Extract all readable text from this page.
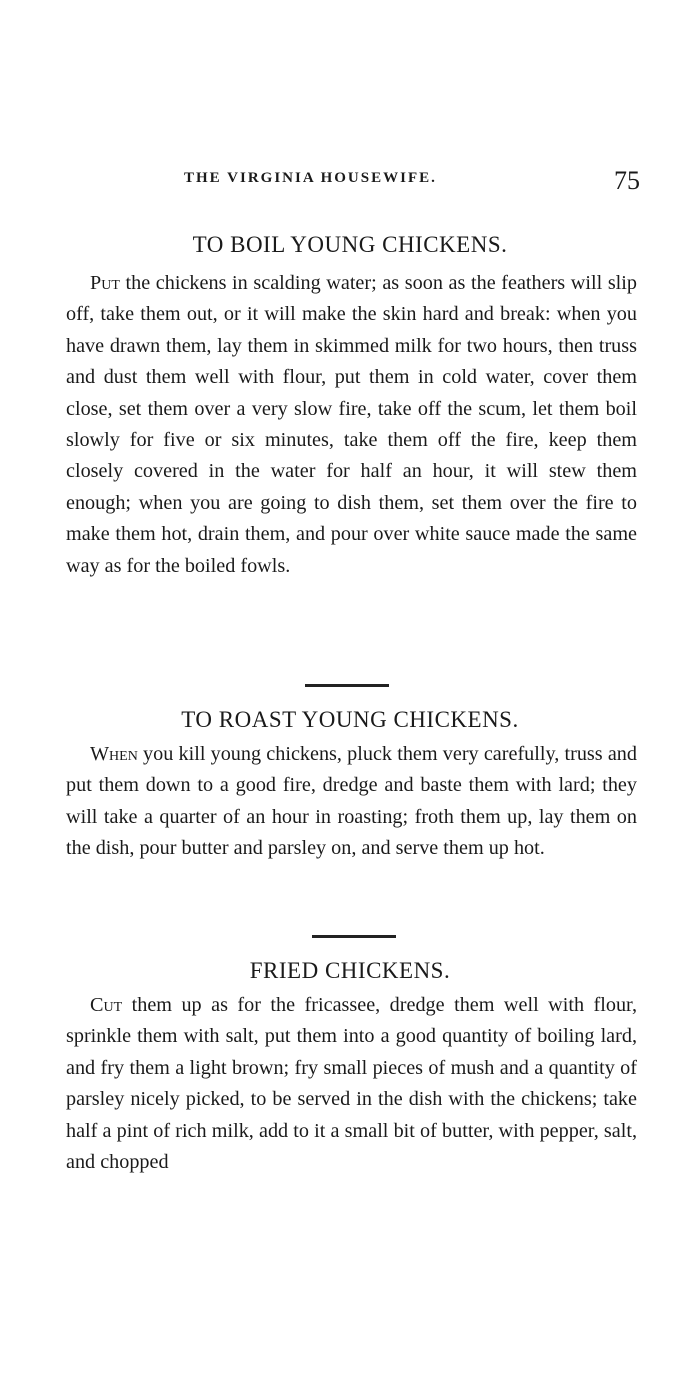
THE VIRGINIA HOUSEWIFE.	75
TO BOIL YOUNG CHICKENS.

Put the chickens in scalding water; as soon as the feathers will slip off, take them out, or it will make the skin hard and break: when you have drawn them, lay them in skimmed milk for two hours, then truss and dust them well with flour, put them in cold water, cover them close, set them over a very slow fire, take off the scum, let them boil slowly for five or six minutes, take them off the fire, keep them closely covered in the water for half an hour, it will stew them enough; when you are going to dish them, set them over the fire to make them hot, drain them, and pour over white sauce made the same way as for the boiled fowls.

TO ROAST YOUNG CHICKENS.

When you kill young chickens, pluck them very carefully, truss and put them down to a good fire, dredge and baste them with lard; they will take a quarter of an hour in roasting; froth them up, lay them on the dish, pour butter and parsley on, and serve them up hot.

FRIED CHICKENS.

Cut them up as for the fricassee, dredge them well with flour, sprinkle them with salt, put them into a good quantity of boiling lard, and fry them a light brown; fry small pieces of mush and a quantity of parsley nicely picked, to be served in the dish with the chickens; take half a pint of rich milk, add to it a small bit of butter, with pepper, salt, and chopped
